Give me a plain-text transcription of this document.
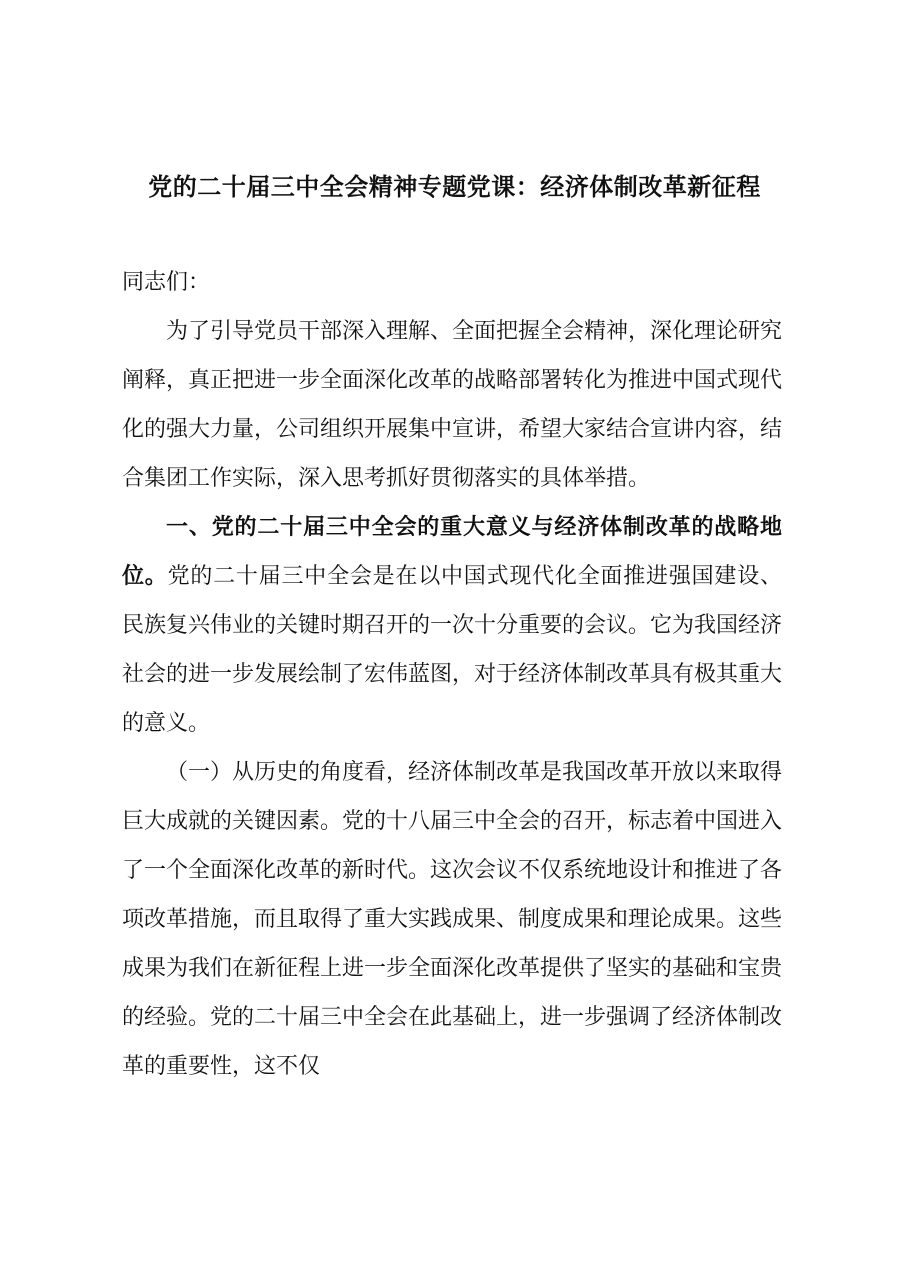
党的二十届三中全会精神专题党课：经济体制改革新征程

同志们：

为了引导党员干部深入理解、全面把握全会精神，深化理论研究阐释，真正把进一步全面深化改革的战略部署转化为推进中国式现代化的强大力量，公司组织开展集中宣讲，希望大家结合宣讲内容，结合集团工作实际，深入思考抓好贯彻落实的具体举措。

一、党的二十届三中全会的重大意义与经济体制改革的战略地位。党的二十届三中全会是在以中国式现代化全面推进强国建设、民族复兴伟业的关键时期召开的一次十分重要的会议。它为我国经济社会的进一步发展绘制了宏伟蓝图，对于经济体制改革具有极其重大的意义。

（一）从历史的角度看，经济体制改革是我国改革开放以来取得巨大成就的关键因素。党的十八届三中全会的召开，标志着中国进入了一个全面深化改革的新时代。这次会议不仅系统地设计和推进了各项改革措施，而且取得了重大实践成果、制度成果和理论成果。这些成果为我们在新征程上进一步全面深化改革提供了坚实的基础和宝贵的经验。党的二十届三中全会在此基础上，进一步强调了经济体制改革的重要性，这不仅
